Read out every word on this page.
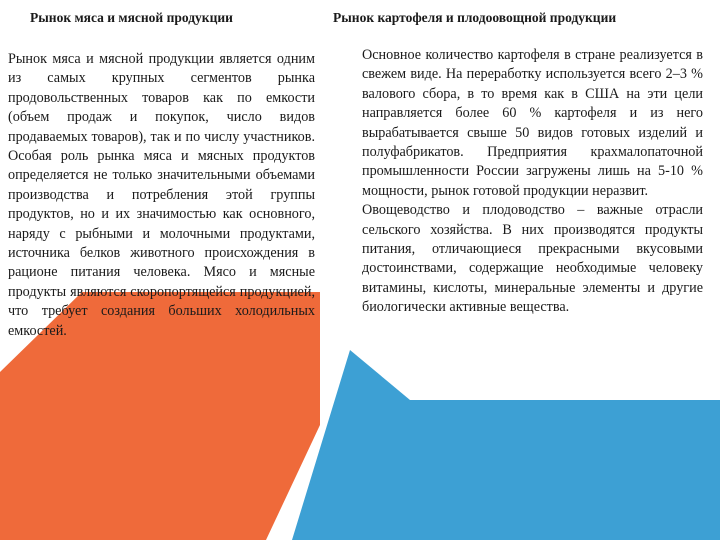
Рынок мяса и мясной продукции	Рынок картофеля и плодоовощной продукции

Рынок мяса и мясной продукции является одним из самых крупных сегментов рынка продовольственных товаров как по емкости (объем продаж и покупок, число видов продаваемых товаров), так и по числу участников. Особая роль рынка мяса и мясных продуктов определяется не только значительными объемами производства и потребления этой группы продуктов, но и их значимостью как основного, наряду с рыбными и молочными продуктами, источника белков животного происхождения в рационе питания человека. Мясо и мясные продукты являются скоропортящейся продукцией, что требует создания больших холодильных емкостей.

Основное количество картофеля в стране реализуется в свежем виде. На переработку используется всего 2–3 % валового сбора, в то время как в США на эти цели направляется более 60 % картофеля и из него вырабатывается свыше 50 видов готовых изделий и полуфабрикатов. Предприятия крахмалопаточной промышленности России загружены лишь на 5-10 % мощности, рынок готовой продукции неразвит.
Овощеводство и плодоводство – важные отрасли сельского хозяйства. В них производятся продукты питания, отличающиеся прекрасными вкусовыми достоинствами, содержащие необходимые человеку витамины, кислоты, минеральные элементы и другие биологически активные вещества.
